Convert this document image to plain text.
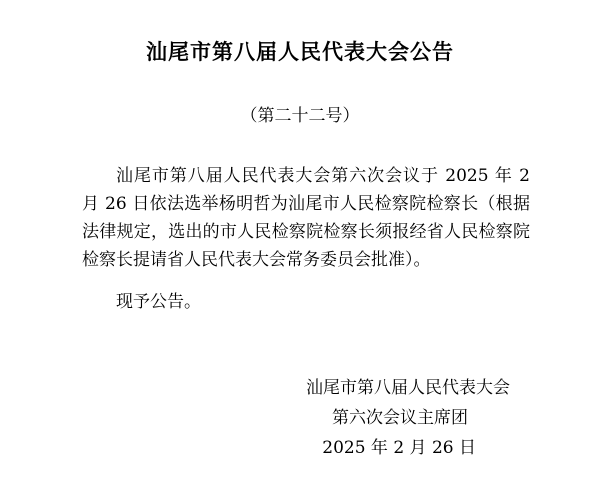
汕尾市第八届人民代表大会公告
（第二十二号）

汕尾市第八届人民代表大会第六次会议于 2025 年 2 月 26 日依法选举杨明哲为汕尾市人民检察院检察长（根据法律规定，选出的市人民检察院检察长须报经省人民检察院检察长提请省人民代表大会常务委员会批准）。

现予公告。

汕尾市第八届人民代表大会
第六次会议主席团
2025 年 2 月 26 日
